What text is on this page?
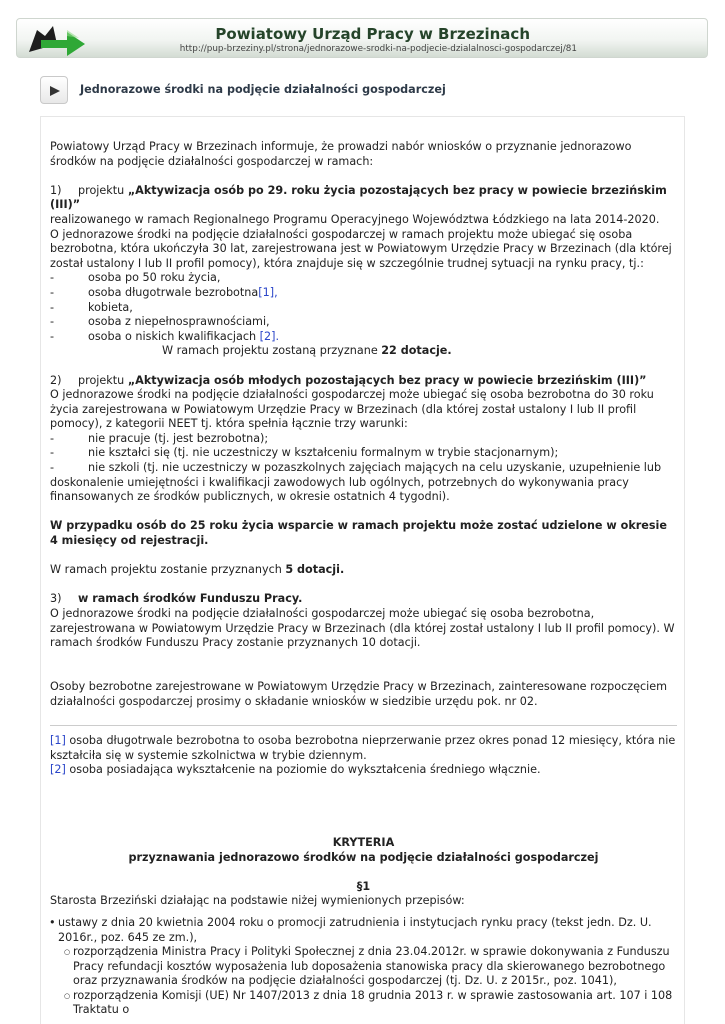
Powiatowy Urząd Pracy w Brzezinach
http://pup-brzeziny.pl/strona/jednorazowe-srodki-na-podjecie-dzialalnosci-gospodarczej/81
Jednorazowe środki na podjęcie działalności gospodarczej

Powiatowy Urząd Pracy w Brzezinach informuje, że prowadzi nabór wniosków o przyznanie jednorazowo środków na podjęcie działalności gospodarczej w ramach:

1) projektu „Aktywizacja osób po 29. roku życia pozostających bez pracy w powiecie brzezińskim (III)”

realizowanego w ramach Regionalnego Programu Operacyjnego Województwa Łódzkiego na lata 2014-2020.

O jednorazowe środki na podjęcie działalności gospodarczej w ramach projektu może ubiegać się osoba bezrobotna, która ukończyła 30 lat, zarejestrowana jest w Powiatowym Urzędzie Pracy w Brzezinach (dla której został ustalony I lub II profil pomocy), która znajduje się w szczególnie trudnej sytuacji na rynku pracy, tj.:

-	osoba po 50 roku życia,
-	osoba długotrwale bezrobotna[1],
-	kobieta,
-	osoba z niepełnosprawnościami,
-	osoba o niskich kwalifikacjach [2].

W ramach projektu zostaną przyznane 22 dotacje.

2) projektu „Aktywizacja osób młodych pozostających bez pracy w powiecie brzezińskim (III)”

O jednorazowe środki na podjęcie działalności gospodarczej może ubiegać się osoba bezrobotna do 30 roku życia zarejestrowana w Powiatowym Urzędzie Pracy w Brzezinach (dla której został ustalony I lub II profil pomocy), z kategorii NEET tj. która spełnia łącznie trzy warunki:

-	nie pracuje (tj. jest bezrobotna);
-	nie kształci się (tj. nie uczestniczy w kształceniu formalnym w trybie stacjonarnym);

-	nie szkoli (tj. nie uczestniczy w pozaszkolnych zajęciach mających na celu uzyskanie, uzupełnienie lub doskonalenie umiejętności i kwalifikacji zawodowych lub ogólnych, potrzebnych do wykonywania pracy finansowanych ze środków publicznych, w okresie ostatnich 4 tygodni).

W przypadku osób do 25 roku życia wsparcie w ramach projektu może zostać udzielone w okresie 4 miesięcy od rejestracji.

W ramach projektu zostanie przyznanych 5 dotacji.

3) w ramach środków Funduszu Pracy.

O jednorazowe środki na podjęcie działalności gospodarczej może ubiegać się osoba bezrobotna, zarejestrowana w Powiatowym Urzędzie Pracy w Brzezinach (dla której został ustalony I lub II profil pomocy). W ramach środków Funduszu Pracy zostanie przyznanych 10 dotacji.

Osoby bezrobotne zarejestrowane w Powiatowym Urzędzie Pracy w Brzezinach, zainteresowane rozpoczęciem działalności gospodarczej prosimy o składanie wniosków w siedzibie urzędu pok. nr 02.

[1] osoba długotrwale bezrobotna to osoba bezrobotna nieprzerwanie przez okres ponad 12 miesięcy, która nie kształciła się w systemie szkolnictwa w trybie dziennym.

[2] osoba posiadająca wykształcenie na poziomie do wykształcenia średniego włącznie.

KRYTERIA

przyznawania jednorazowo środków na podjęcie działalności gospodarczej

§1

Starosta Brzeziński działając na podstawie niżej wymienionych przepisów:

• ustawy z dnia 20 kwietnia 2004 roku o promocji zatrudnienia i instytucjach rynku pracy (tekst jedn. Dz. U. 2016r., poz. 645 ze zm.),
○ rozporządzenia Ministra Pracy i Polityki Społecznej z dnia 23.04.2012r. w sprawie dokonywania z Funduszu Pracy refundacji kosztów wyposażenia lub doposażenia stanowiska pracy dla skierowanego bezrobotnego oraz przyznawania środków na podjęcie działalności gospodarczej (tj. Dz. U. z 2015r., poz. 1041),
○ rozporządzenia Komisji (UE) Nr 1407/2013 z dnia 18 grudnia 2013 r. w sprawie zastosowania art. 107 i 108 Traktatu o
